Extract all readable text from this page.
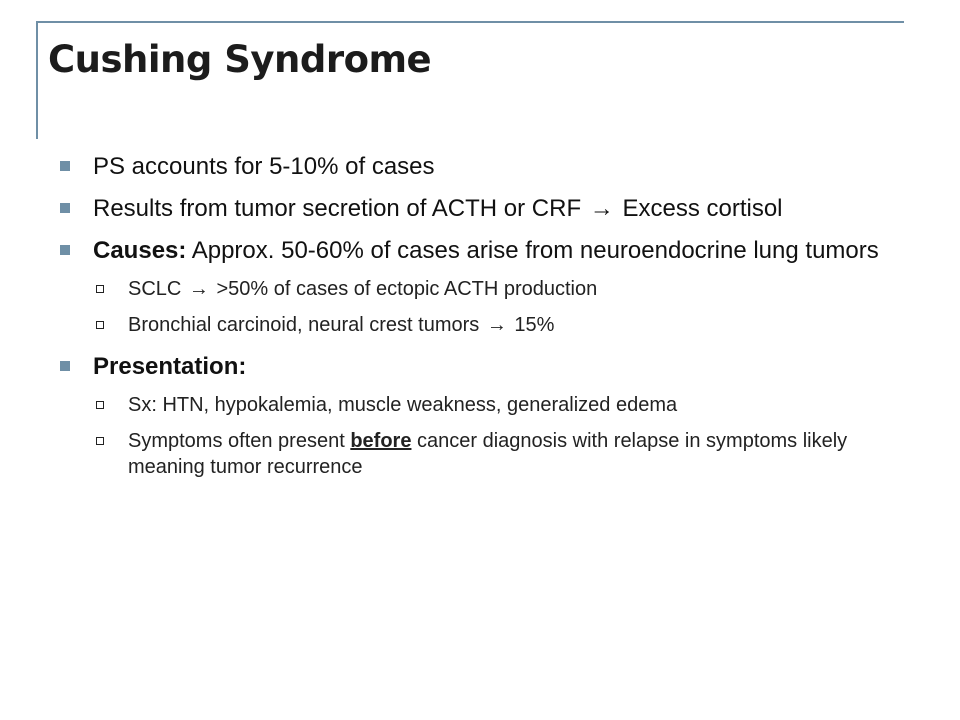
Cushing Syndrome
PS accounts for 5-10% of cases
Results from tumor secretion of ACTH or CRF → Excess cortisol
Causes: Approx. 50-60% of cases arise from neuroendocrine lung tumors
SCLC → >50% of cases of ectopic ACTH production
Bronchial carcinoid, neural crest tumors → 15%
Presentation:
Sx: HTN, hypokalemia, muscle weakness, generalized edema
Symptoms often present before cancer diagnosis with relapse in symptoms likely meaning tumor recurrence
